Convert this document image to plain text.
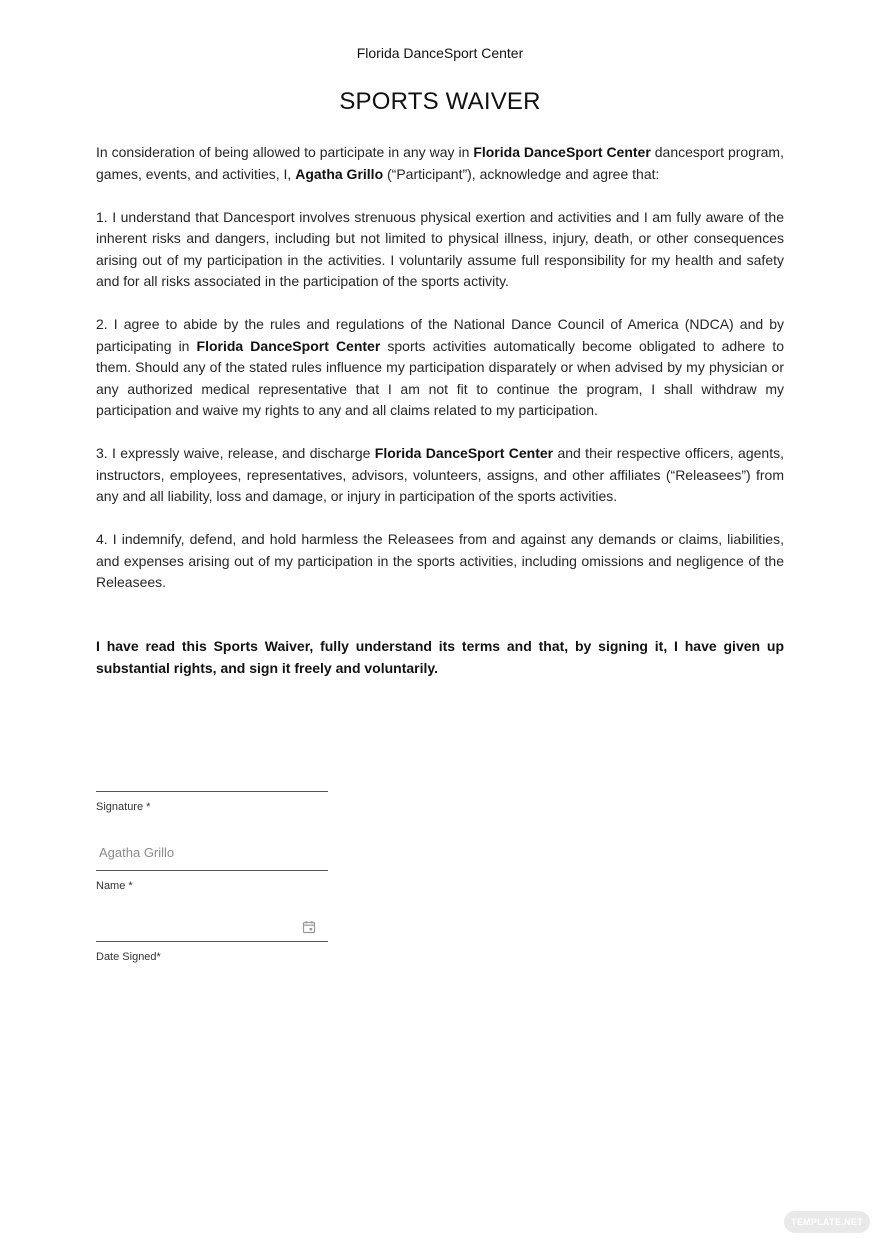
Florida DanceSport Center
SPORTS WAIVER

In consideration of being allowed to participate in any way in Florida DanceSport Center dancesport program, games, events, and activities, I, Agatha Grillo (“Participant”), acknowledge and agree that:

1. I understand that Dancesport involves strenuous physical exertion and activities and I am fully aware of the inherent risks and dangers, including but not limited to physical illness, injury, death, or other consequences arising out of my participation in the activities. I voluntarily assume full responsibility for my health and safety and for all risks associated in the participation of the sports activity.

2. I agree to abide by the rules and regulations of the National Dance Council of America (NDCA) and by participating in Florida DanceSport Center sports activities automatically become obligated to adhere to them. Should any of the stated rules influence my participation disparately or when advised by my physician or any authorized medical representative that I am not fit to continue the program, I shall withdraw my participation and waive my rights to any and all claims related to my participation.

3. I expressly waive, release, and discharge Florida DanceSport Center and their respective officers, agents, instructors, employees, representatives, advisors, volunteers, assigns, and other affiliates (“Releasees”) from any and all liability, loss and damage, or injury in participation of the sports activities.

4. I indemnify, defend, and hold harmless the Releasees from and against any demands or claims, liabilities, and expenses arising out of my participation in the sports activities, including omissions and negligence of the Releasees.

I have read this Sports Waiver, fully understand its terms and that, by signing it, I have given up substantial rights, and sign it freely and voluntarily.
Signature *
Agatha Grillo
Name *
Date Signed*
TEMPLATE.NET
